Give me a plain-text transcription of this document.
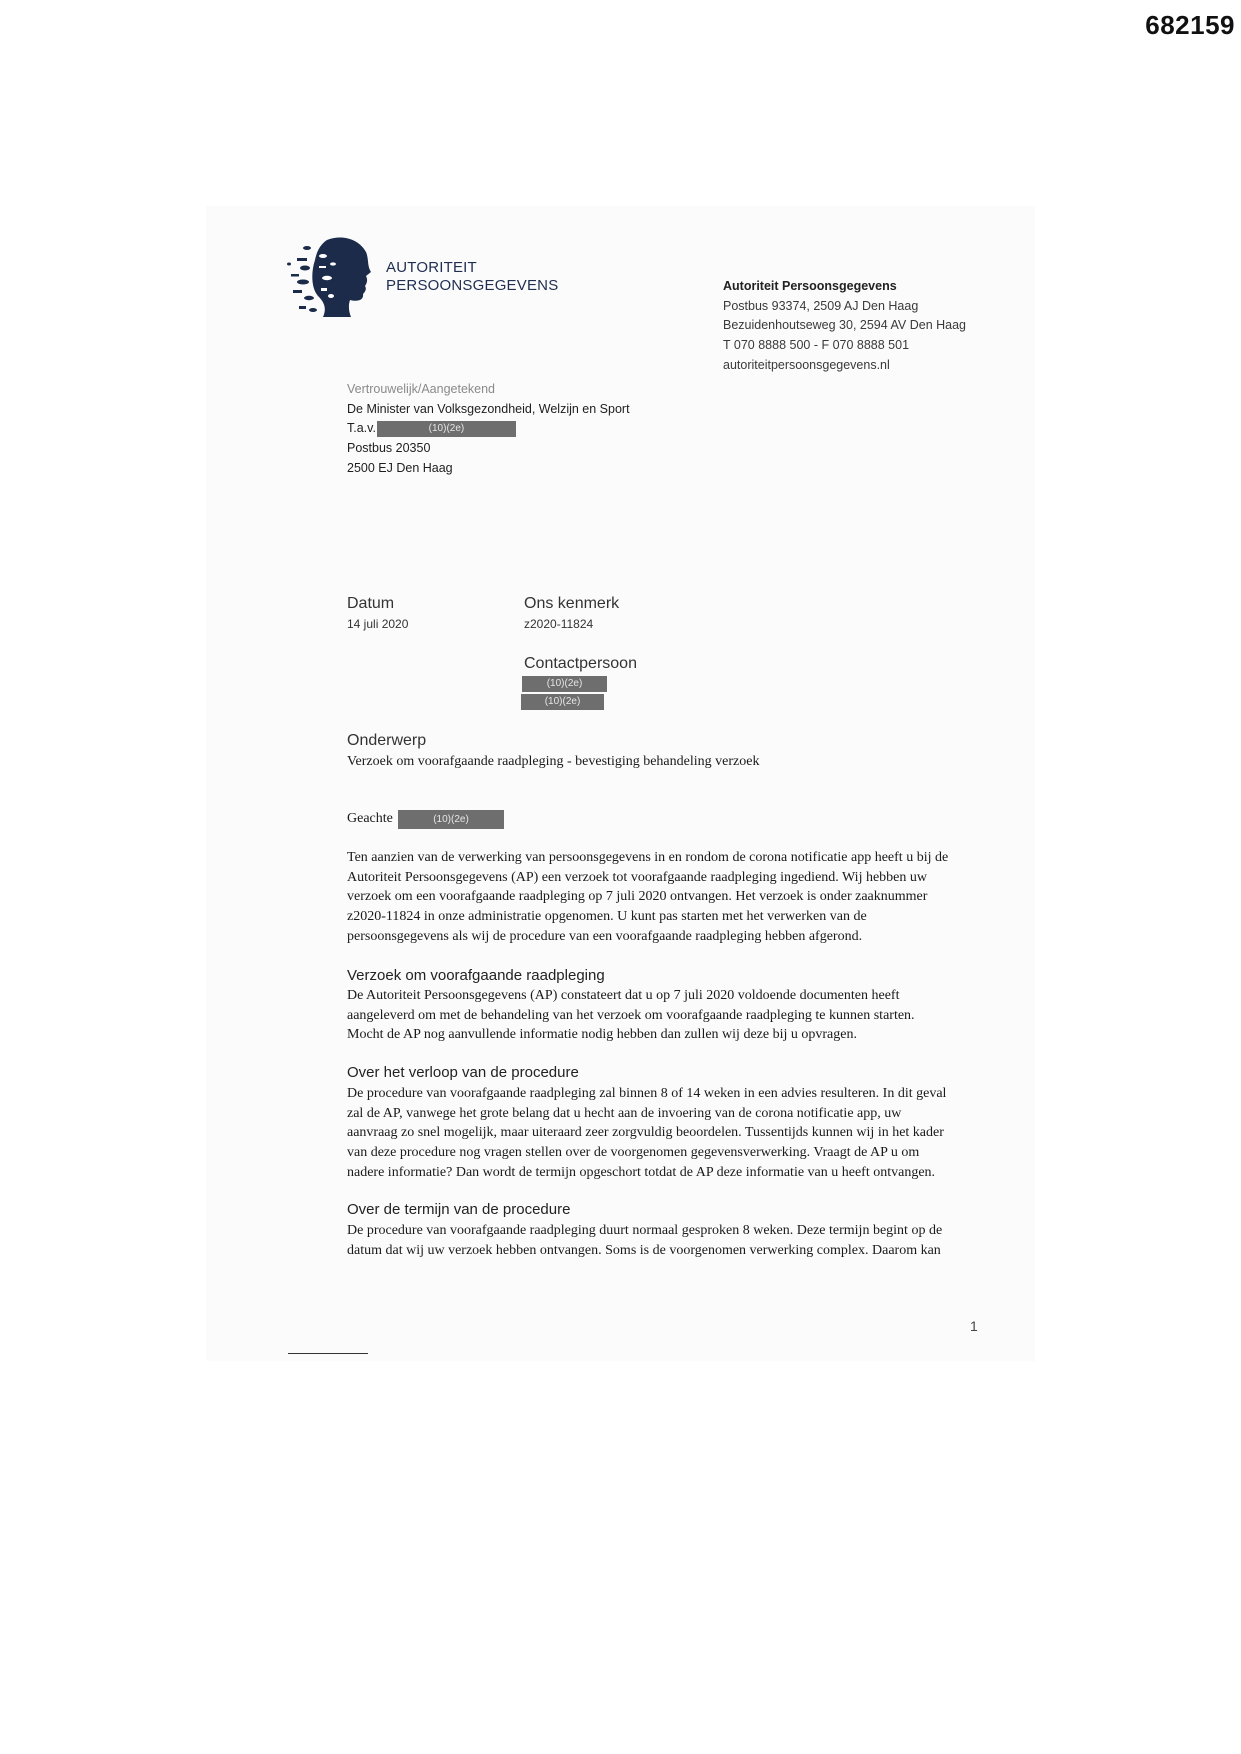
682159
AUTORITEIT
PERSOONSGEGEVENS	Autoriteit Persoonsgegevens
Postbus 93374, 2509 AJ Den Haag
Bezuidenhoutseweg 30, 2594 AV Den Haag
T 070 8888 500 - F 070 8888 501
autoriteitpersoonsgegevens.nl
Vertrouwelijk/Aangetekend
De Minister van Volksgezondheid, Welzijn en Sport
T.a.v.	(10)(2e)
Postbus 20350
2500 EJ Den Haag
Datum
14 juli 2020
Ons kenmerk
z2020-11824
Contactpersoon
(10)(2e)
(10)(2e)
Onderwerp
Verzoek om voorafgaande raadpleging - bevestiging behandeling verzoek
Geachte	(10)(2e)
Ten aanzien van de verwerking van persoonsgegevens in en rondom de corona notificatie app heeft u bij de
Autoriteit Persoonsgegevens (AP) een verzoek tot voorafgaande raadpleging ingediend. Wij hebben uw
verzoek om een voorafgaande raadpleging op 7 juli 2020 ontvangen. Het verzoek is onder zaaknummer
z2020-11824 in onze administratie opgenomen. U kunt pas starten met het verwerken van de
persoonsgegevens als wij de procedure van een voorafgaande raadpleging hebben afgerond.
Verzoek om voorafgaande raadpleging
De Autoriteit Persoonsgegevens (AP) constateert dat u op 7 juli 2020 voldoende documenten heeft
aangeleverd om met de behandeling van het verzoek om voorafgaande raadpleging te kunnen starten.
Mocht de AP nog aanvullende informatie nodig hebben dan zullen wij deze bij u opvragen.
Over het verloop van de procedure
De procedure van voorafgaande raadpleging zal binnen 8 of 14 weken in een advies resulteren. In dit geval
zal de AP, vanwege het grote belang dat u hecht aan de invoering van de corona notificatie app, uw
aanvraag zo snel mogelijk, maar uiteraard zeer zorgvuldig beoordelen. Tussentijds kunnen wij in het kader
van deze procedure nog vragen stellen over de voorgenomen gegevensverwerking. Vraagt de AP u om
nadere informatie? Dan wordt de termijn opgeschort totdat de AP deze informatie van u heeft ontvangen.
Over de termijn van de procedure
De procedure van voorafgaande raadpleging duurt normaal gesproken 8 weken. Deze termijn begint op de
datum dat wij uw verzoek hebben ontvangen. Soms is de voorgenomen verwerking complex. Daarom kan
1
